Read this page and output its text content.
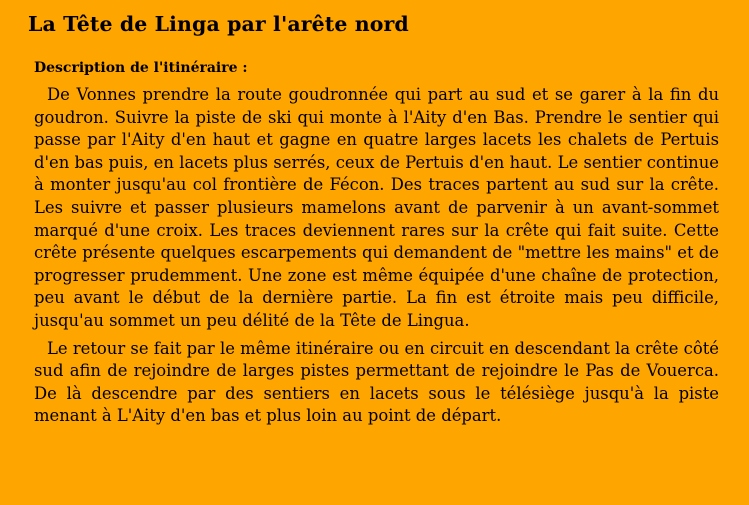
La Tête de Linga par l'arête nord
Description de l'itinéraire :

De Vonnes prendre la route goudronnée qui part au sud et se garer à la fin du goudron. Suivre la piste de ski qui monte à l'Aity d'en Bas. Prendre le sentier qui passe par l'Aity d'en haut et gagne en quatre larges lacets les chalets de Pertuis d'en bas puis, en lacets plus serrés, ceux de Pertuis d'en haut. Le sentier continue à monter jusqu'au col frontière de Fécon. Des traces partent au sud sur la crête. Les suivre et passer plusieurs mamelons avant de parvenir à un avant-sommet marqué d'une croix. Les traces deviennent rares sur la crête qui fait suite. Cette crête présente quelques escarpements qui demandent de "mettre les mains" et de progresser prudemment. Une zone est même équipée d'une chaîne de protection, peu avant le début de la dernière partie. La fin est étroite mais peu difficile, jusqu'au sommet un peu délité de la Tête de Lingua.

Le retour se fait par le même itinéraire ou en circuit en descendant la crête côté sud afin de rejoindre de larges pistes permettant de rejoindre le Pas de Vouerca. De là descendre par des sentiers en lacets sous le télésiège jusqu'à la piste menant à L'Aity d'en bas et plus loin au point de départ.
